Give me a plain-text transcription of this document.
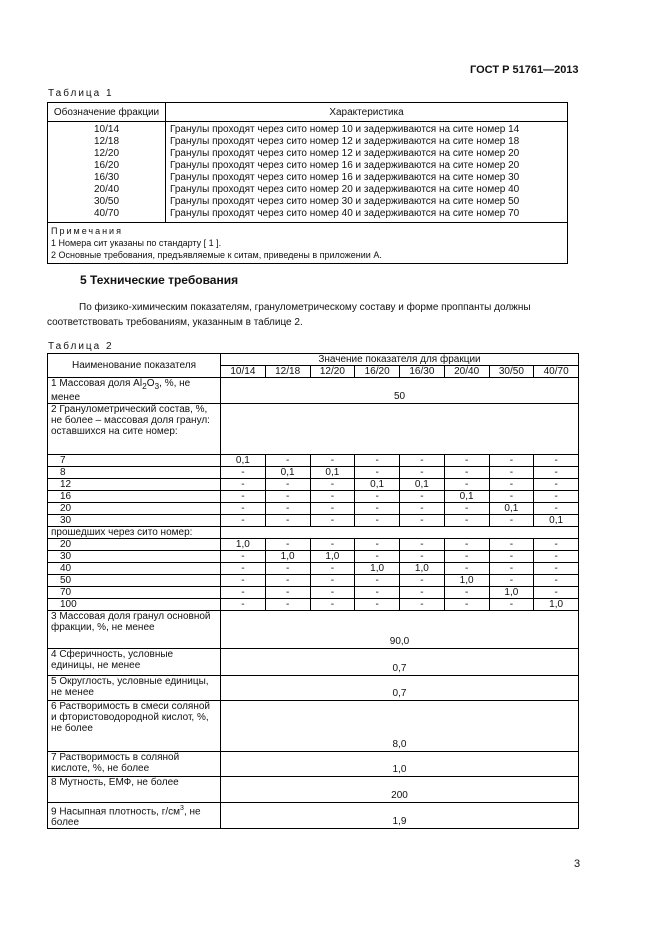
ГОСТ Р 51761—2013
Таблица 1
Обозначение фракции	Характеристика
10/14	Гранулы проходят через сито номер 10 и задерживаются на сите номер 14
12/18	Гранулы проходят через сито номер 12 и задерживаются на сите номер 18
12/20	Гранулы проходят через сито номер 12 и задерживаются на сите номер 20
16/20	Гранулы проходят через сито номер 16 и задерживаются на сите номер 20
16/30	Гранулы проходят через сито номер 16 и задерживаются на сите номер 30
20/40	Гранулы проходят через сито номер 20 и задерживаются на сите номер 40
30/50	Гранулы проходят через сито номер 30 и задерживаются на сите номер 50
40/70	Гранулы проходят через сито номер 40 и задерживаются на сите номер 70

Примечания
1 Номера сит указаны по стандарту [ 1 ].
2 Основные требования, предъявляемые к ситам, приведены в приложении А.	
5 Технические требования
По физико-химическим показателям, гранулометрическому составу и форме проппанты должны соответствовать требованиям, указанным в таблице 2.
Таблица 2
Наименование показателя	Значение показателя для фракции							
	10/14	12/18	12/20	16/20	16/30	20/40	30/50	40/70
1 Массовая доля $Al_2O_3$, %, не менее	50							
2 Гранулометрический состав, %, не более – массовая доля гранул: оставшихся на сите номер:								
7	0,1	-	-	-	-	-	-	-
8	-	0,1	0,1	-	-	-	-	-
12	-	-	-	0,1	0,1	-	-	-
16	-	-	-	-	-	0,1	-	-
20	-	-	-	-	-	-	0,1	-
30	-	-	-	-	-	-	-	0,1
прошедших через сито номер:								
20	1,0	-	-	-	-	-	-	-
30	-	1,0	1,0	-	-	-	-	-
40	-	-	-	1,0	1,0	-	-	-
50	-	-	-	-	-	1,0	-	-
70	-	-	-	-	-	-	1,0	-
100	-	-	-	-	-	-	-	1,0
3 Массовая доля гранул основной фракции, %, не менее	90,0							
4 Сферичность, условные единицы, не менее	0,7							
5 Округлость, условные единицы, не менее	0,7							
6 Растворимость в смеси соляной и фтористоводородной кислот, %, не более	8,0							
7 Растворимость в соляной кислоте, %, не более	1,0							
8 Мутность, ЕМФ, не более	200							
9 Насыпная плотность, $г/см^3$, не более	1,9							
3
